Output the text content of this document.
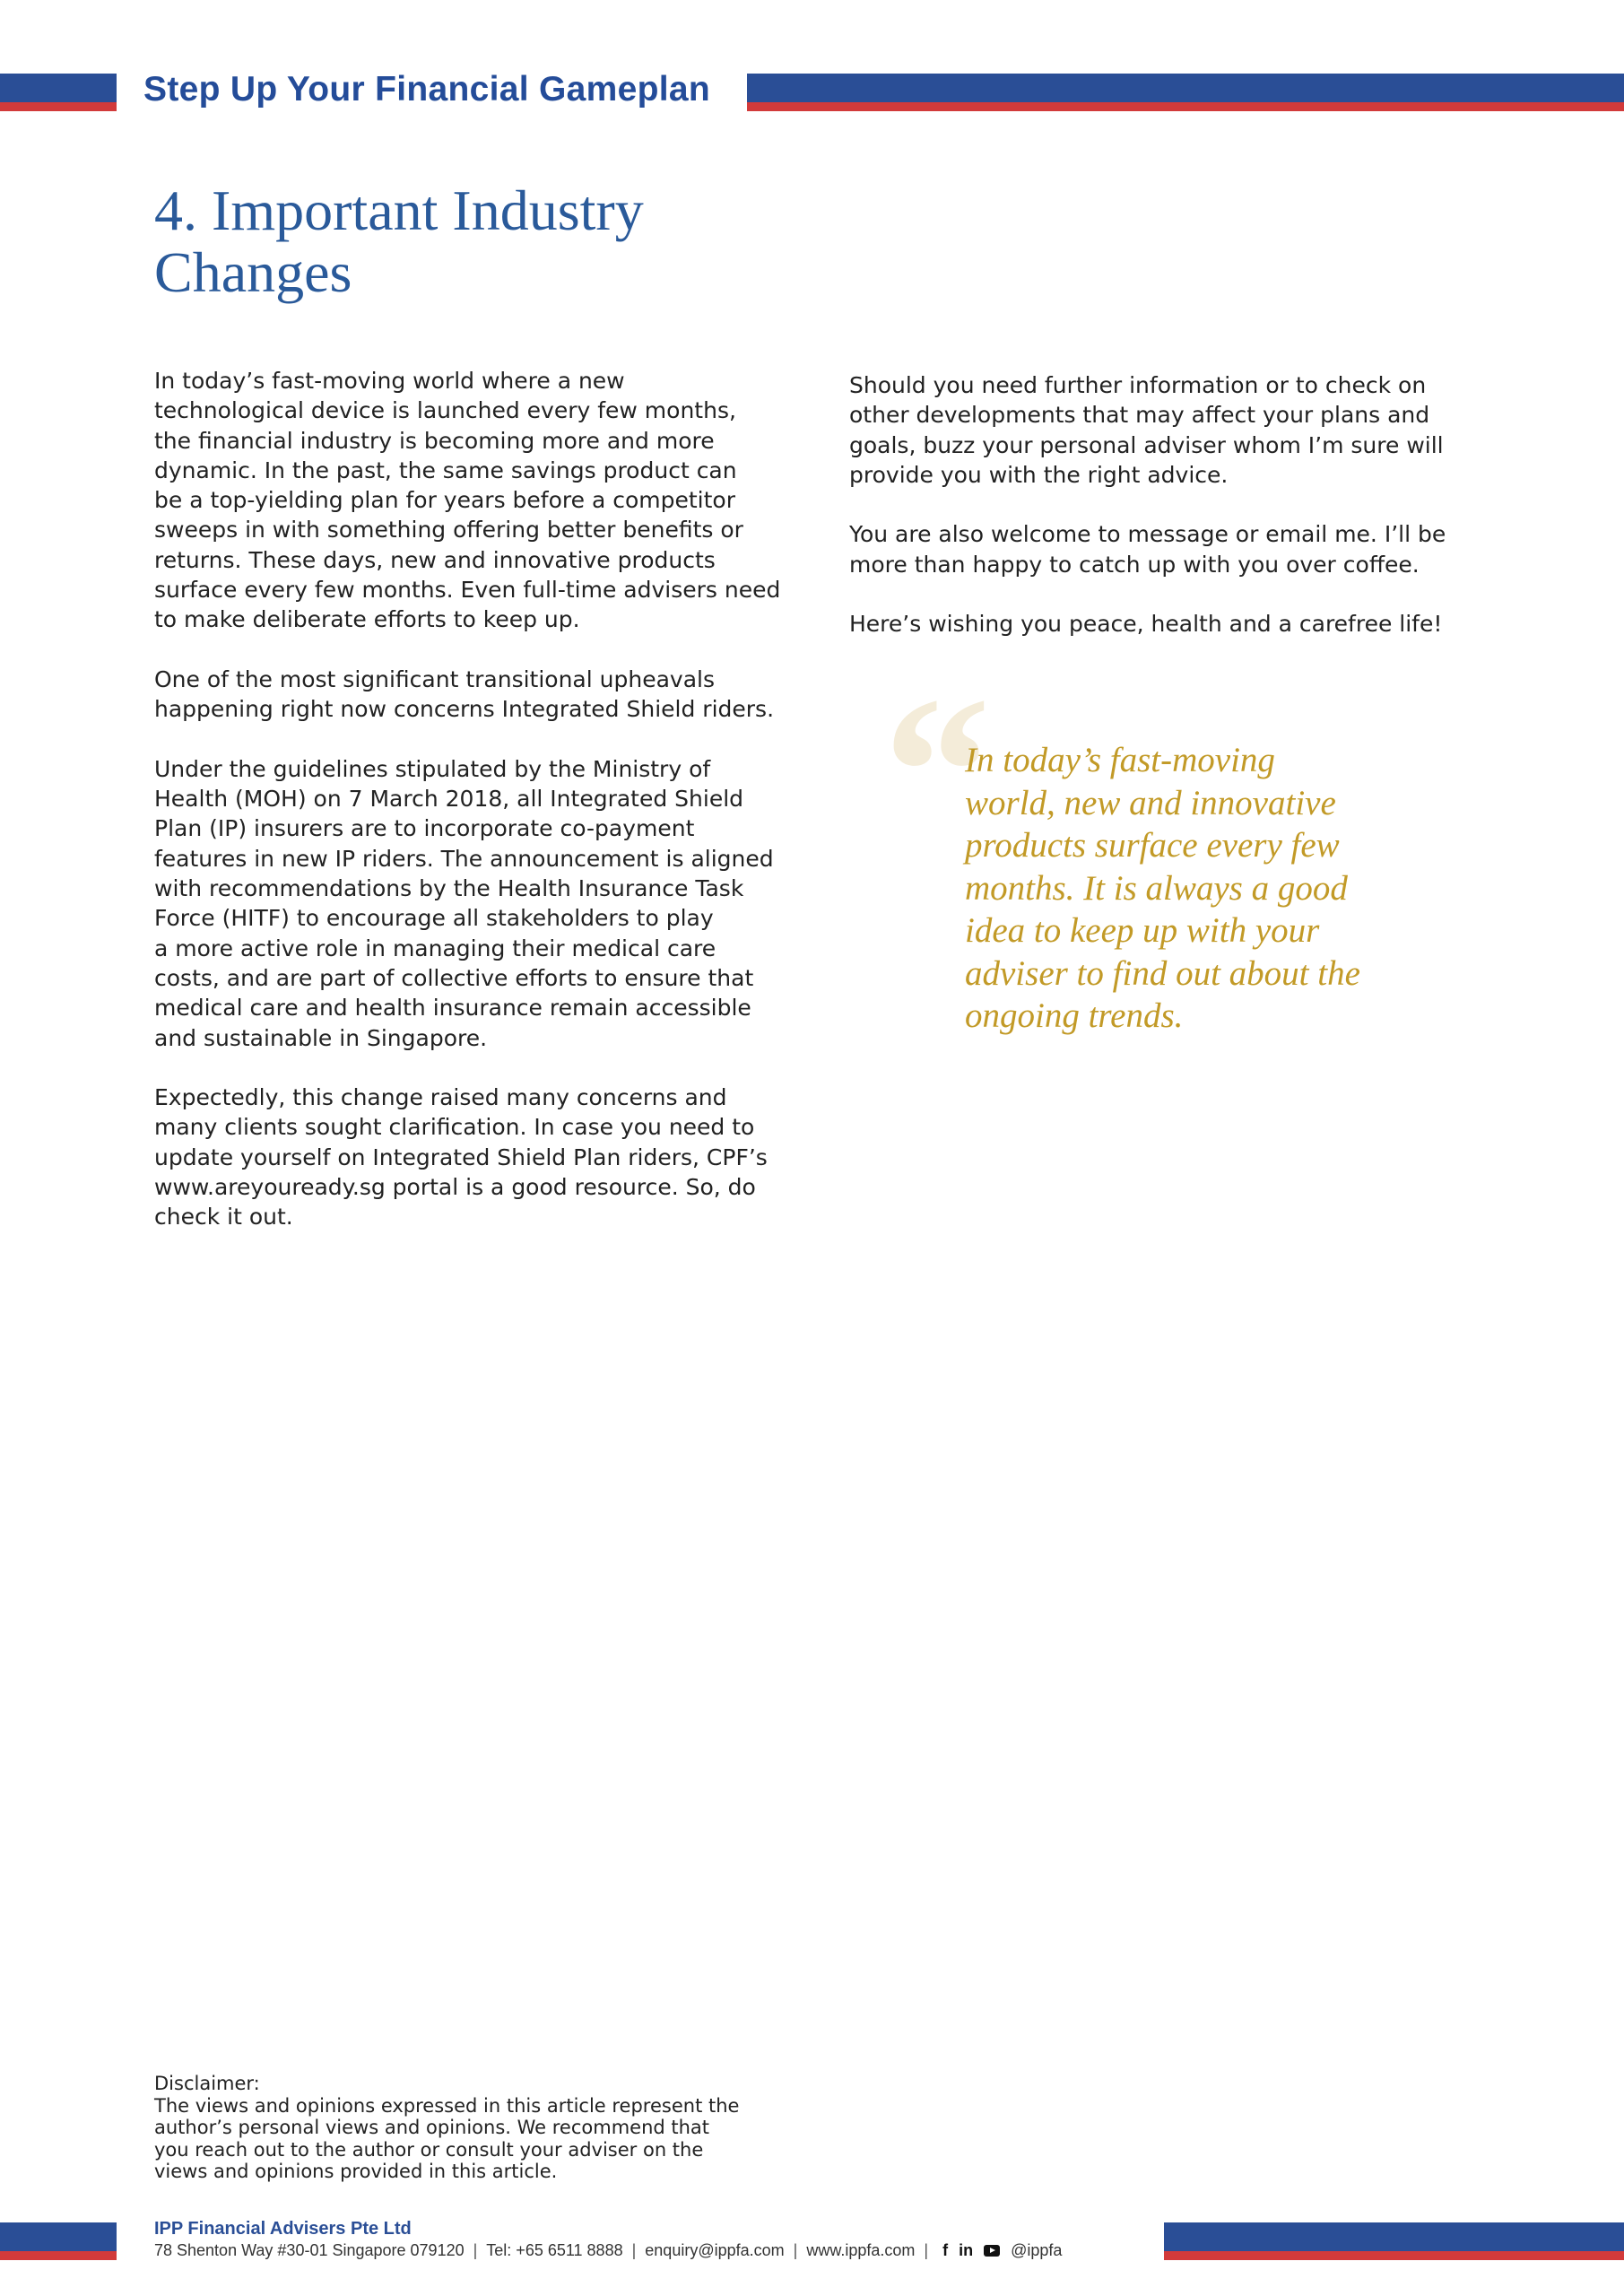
Step Up Your Financial Gameplan
4. Important Industry
Changes

In today’s fast-moving world where a new
technological device is launched every few months,
the financial industry is becoming more and more
dynamic. In the past, the same savings product can
be a top-yielding plan for years before a competitor
sweeps in with something offering better benefits or
returns. These days, new and innovative products
surface every few months. Even full-time advisers need
to make deliberate efforts to keep up.

One of the most significant transitional upheavals
happening right now concerns Integrated Shield riders.

Under the guidelines stipulated by the Ministry of
Health (MOH) on 7 March 2018, all Integrated Shield
Plan (IP) insurers are to incorporate co-payment
features in new IP riders. The announcement is aligned
with recommendations by the Health Insurance Task
Force (HITF) to encourage all stakeholders to play
a more active role in managing their medical care
costs, and are part of collective efforts to ensure that
medical care and health insurance remain accessible
and sustainable in Singapore.

Expectedly, this change raised many concerns and
many clients sought clarification. In case you need to
update yourself on Integrated Shield Plan riders, CPF’s
www.areyouready.sg portal is a good resource. So, do
check it out.

Should you need further information or to check on
other developments that may affect your plans and
goals, buzz your personal adviser whom I’m sure will
provide you with the right advice.

You are also welcome to message or email me. I’ll be
more than happy to catch up with you over coffee.

Here’s wishing you peace, health and a carefree life!

“
In today’s fast-moving
world, new and innovative
products surface every few
months. It is always a good
idea to keep up with your
adviser to find out about the
ongoing trends.
Disclaimer:
The views and opinions expressed in this article represent the
author’s personal views and opinions. We recommend that
you reach out to the author or consult your adviser on the
views and opinions provided in this article.
IPP Financial Advisers Pte Ltd
78 Shenton Way #30-01 Singapore 079120 | Tel: +65 6511 8888 | enquiry@ippfa.com | www.ippfa.com | f in @ippfa
